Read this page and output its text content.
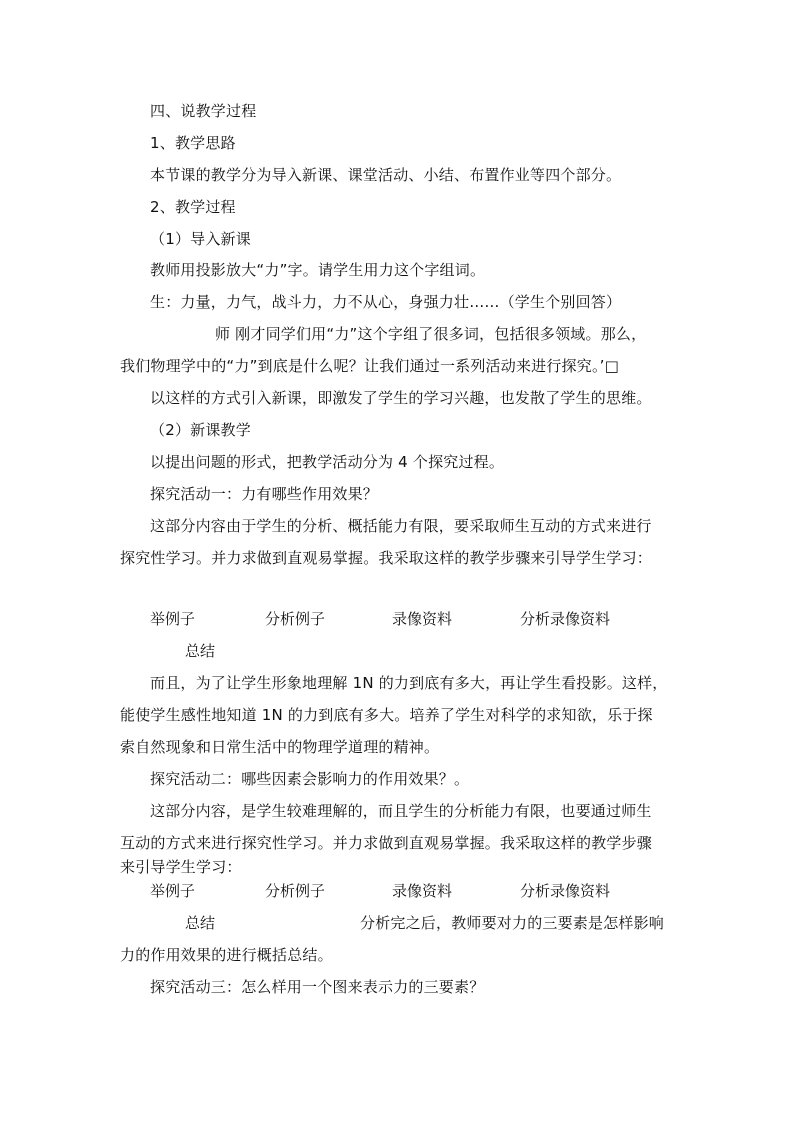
四、说教学过程
1、教学思路
本节课的教学分为导入新课、课堂活动、小结、布置作业等四个部分。
2、教学过程
（1）导入新课
教师用投影放大“力”字。请学生用力这个字组词。
生：力量，力气，战斗力，力不从心，身强力壮……（学生个别回答）
师 刚才同学们用“力”这个字组了很多词，包括很多领域。那么，
我们物理学中的“力”到底是什么呢？让我们通过一系列活动来进行探究。’□
以这样的方式引入新课，即激发了学生的学习兴趣，也发散了学生的思维。
（2）新课教学
以提出问题的形式，把教学活动分为 4 个探究过程。
探究活动一：力有哪些作用效果？
这部分内容由于学生的分析、概括能力有限，要采取师生互动的方式来进行
探究性学习。并力求做到直观易掌握。我采取这样的教学步骤来引导学生学习：
举例子	分析例子	录像资料	分析录像资料
总结
而且，为了让学生形象地理解 1N 的力到底有多大，再让学生看投影。这样，
能使学生感性地知道 1N 的力到底有多大。培养了学生对科学的求知欲，乐于探
索自然现象和日常生活中的物理学道理的精神。
探究活动二：哪些因素会影响力的作用效果？。
这部分内容，是学生较难理解的，而且学生的分析能力有限，也要通过师生
互动的方式来进行探究性学习。并力求做到直观易掌握。我采取这样的教学步骤
来引导学生学习：
举例子	分析例子	录像资料	分析录像资料
总结	分析完之后，教师要对力的三要素是怎样影响
力的作用效果的进行概括总结。
探究活动三：怎么样用一个图来表示力的三要素？
